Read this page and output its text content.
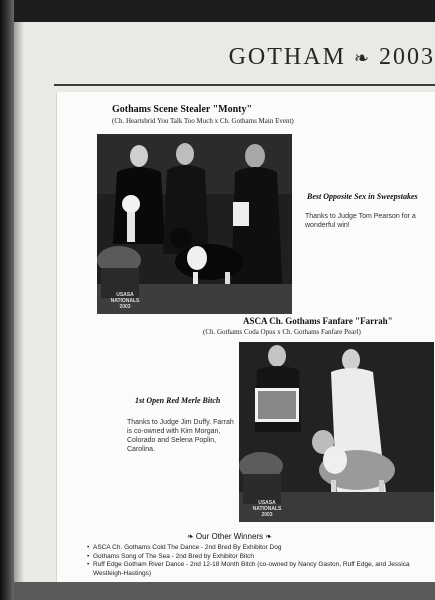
GOTHAM ❧ 2003
Gothams Scene Stealer "Monty"
(Ch. Heartsbrid You Talk Too Much x Ch. Gothams Main Event)
USASA NATIONALS
2003
Best Opposite Sex in Sweepstakes
Thanks to Judge Tom Pearson for a wonderful win!
ASCA Ch. Gothams Fanfare "Farrah"
(Ch. Gothams Coda Opus x Ch. Gothams Fanfare Pearl)
1st Open Red Merle Bitch
Thanks to Judge Jim Duffy. Farrah is co-owned with Kim Morgan, Colorado and Selena Poplin, Carolina.
USASA NATIONALS
2003
❧ Our Other Winners ❧
• ASCA Ch. Gothams Cold The Dance - 2nd Bred By Exhibitor Dog
• Gothams Song of The Sea - 2nd Bred by Exhibitor Bitch
• Ruff Edge Gotham River Dance - 2nd 12-18 Month Bitch (co-owned by Nancy Gaston, Ruff Edge, and Jessica Westleigh-Hastings)
